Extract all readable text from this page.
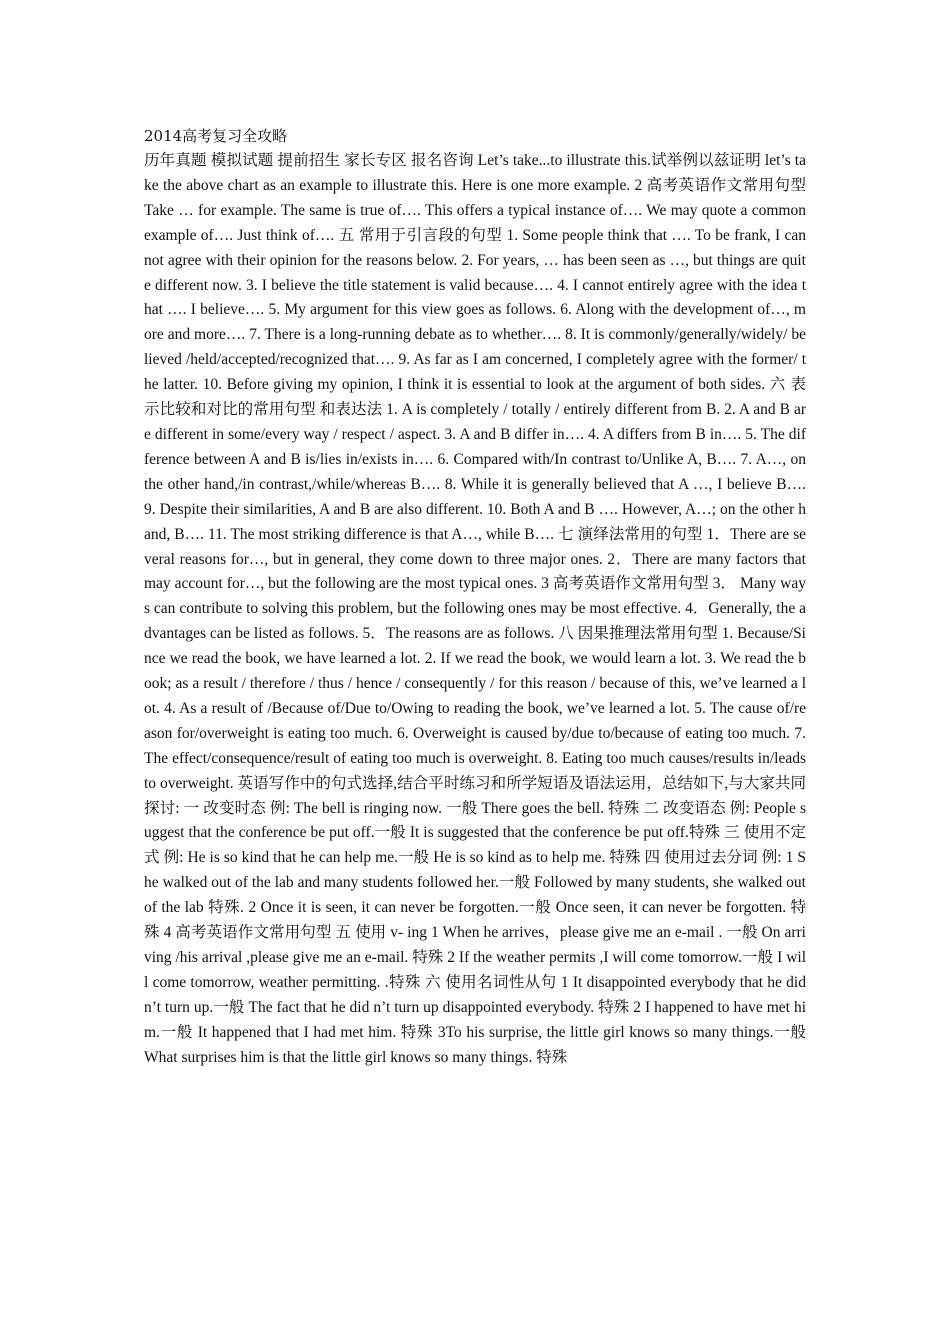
2014高考复习全攻略

历年真题 模拟试题 提前招生 家长专区 报名咨询 Let’s take...to illustrate this.试举例以兹证明 let’s take the above chart as an example to illustrate this. Here is one more example. 2 高考英语作文常用句型 Take … for example. The same is true of…. This offers a typical instance of…. We may quote a common example of…. Just think of…. 五 常用于引言段的句型 1. Some people think that …. To be frank, I can not agree with their opinion for the reasons below. 2. For years, … has been seen as …, but things are quite different now. 3. I believe the title statement is valid because…. 4. I cannot entirely agree with the idea that …. I believe…. 5. My argument for this view goes as follows. 6. Along with the development of…, more and more…. 7. There is a long-running debate as to whether…. 8. It is commonly/generally/widely/ believed /held/accepted/recognized that…. 9. As far as I am concerned, I completely agree with the former/ the latter. 10. Before giving my opinion, I think it is essential to look at the argument of both sides. 六 表示比较和对比的常用句型 和表达法 1. A is completely / totally / entirely different from B. 2. A and B are different in some/every way / respect / aspect. 3. A and B differ in…. 4. A differs from B in…. 5. The difference between A and B is/lies in/exists in…. 6. Compared with/In contrast to/Unlike A, B…. 7. A…, on the other hand,/in contrast,/while/whereas B…. 8. While it is generally believed that A …, I believe B…. 9. Despite their similarities, A and B are also different. 10. Both A and B …. However, A…; on the other hand, B…. 11. The most striking difference is that A…, while B…. 七 演绎法常用的句型 1．There are several reasons for…, but in general, they come down to three major ones. 2．There are many factors that may account for…, but the following are the most typical ones. 3 高考英语作文常用句型 3． Many ways can contribute to solving this problem, but the following ones may be most effective. 4．Generally, the advantages can be listed as follows. 5．The reasons are as follows. 八 因果推理法常用句型 1. Because/Since we read the book, we have learned a lot. 2. If we read the book, we would learn a lot. 3. We read the book; as a result / therefore / thus / hence / consequently / for this reason / because of this, we’ve learned a lot. 4. As a result of /Because of/Due to/Owing to reading the book, we’ve learned a lot. 5. The cause of/reason for/overweight is eating too much. 6. Overweight is caused by/due to/because of eating too much. 7. The effect/consequence/result of eating too much is overweight. 8. Eating too much causes/results in/leads to overweight. 英语写作中的句式选择,结合平时练习和所学短语及语法运用，总结如下,与大家共同探讨: 一 改变时态 例: The bell is ringing now. 一般 There goes the bell. 特殊 二 改变语态 例: People suggest that the conference be put off.一般 It is suggested that the conference be put off.特殊 三 使用不定式 例: He is so kind that he can help me.一般 He is so kind as to help me. 特殊 四 使用过去分词 例: 1 She walked out of the lab and many students followed her.一般 Followed by many students, she walked out of the lab 特殊. 2 Once it is seen, it can never be forgotten.一般 Once seen, it can never be forgotten. 特殊 4 高考英语作文常用句型 五 使用 v- ing 1 When he arrives，please give me an e-mail . 一般 On arriving /his arrival ,please give me an e-mail. 特殊 2 If the weather permits ,I will come tomorrow.一般 I will come tomorrow, weather permitting. .特殊 六 使用名词性从句 1 It disappointed everybody that he didn’t turn up.一般 The fact that he did n’t turn up disappointed everybody. 特殊 2 I happened to have met him.一般 It happened that I had met him. 特殊 3To his surprise, the little girl knows so many things.一般 What surprises him is that the little girl knows so many things. 特殊
